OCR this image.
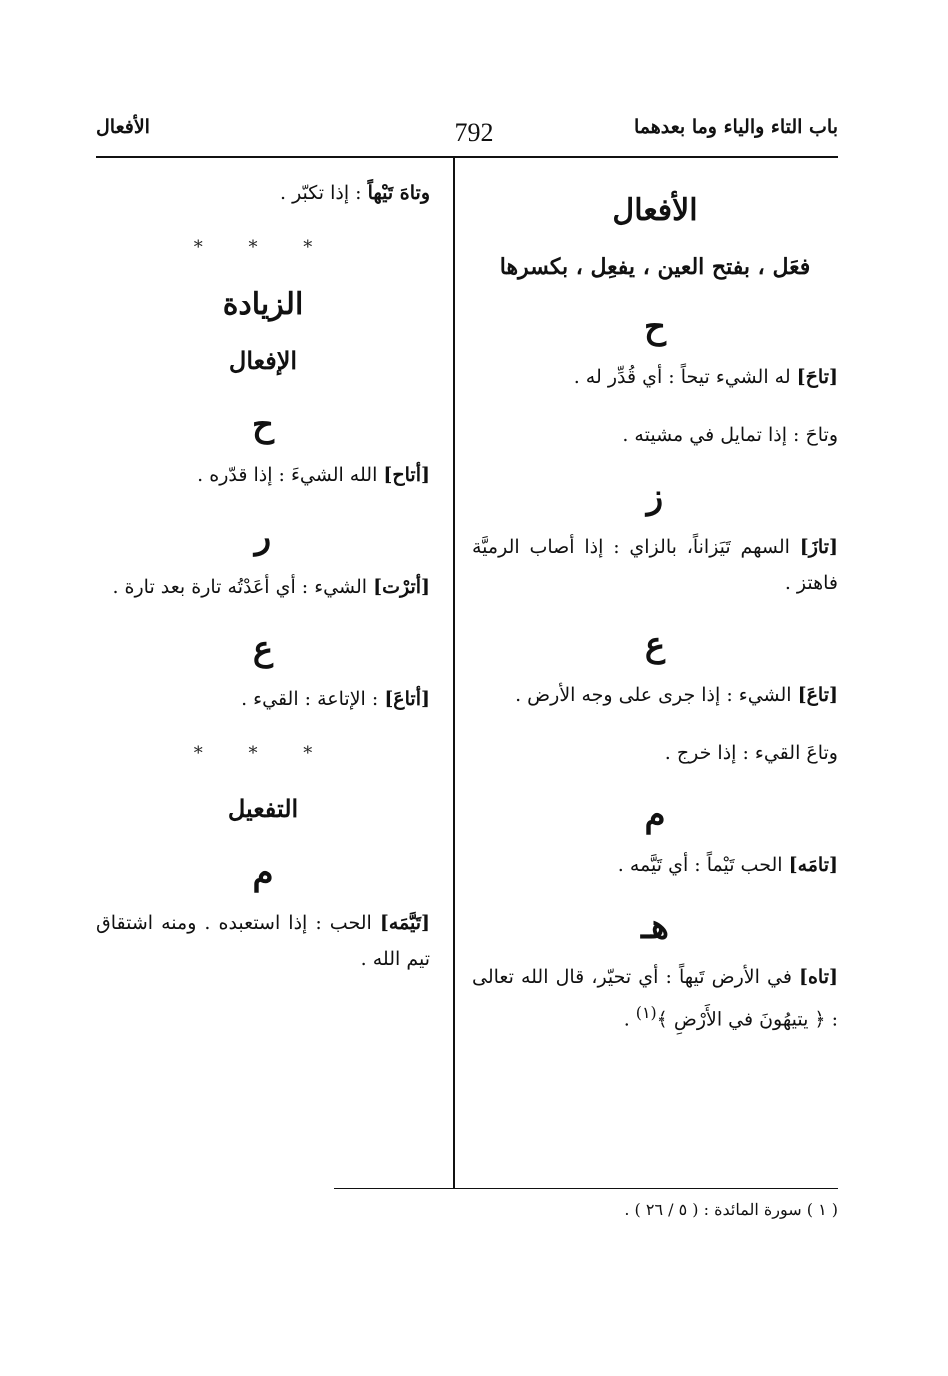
باب التاء والياء وما بعدهما
792
الأفعال
الأفعال
فعَل ، بفتح العين ، يفعِل ، بكسرها
ح

[تاحَ] له الشيء تيحاً : أي قُدِّر له .

وتاحَ : إذا تمايل في مشيته .

ز

[تازَ] السهم تَيَزاناً، بالزاي : إذا أصاب الرميَّة فاهتز .

ع

[تاعَ] الشيء : إذا جرى على وجه الأرض .

وتاعَ القيء : إذا خرج .

م

[تامَه] الحب تَيْماً : أي تَيَّمه .

هـ

[تاه] في الأرض تَيهاً : أي تحيّر، قال الله تعالى : ﴿ يتيهُونَ في الأَرْضِ ﴾$^{(١)}$ .

وتاهَ تَيْهاً : إذا تكبّر .

* * *
الزيادة
الإفعال
ح

[أتاح] الله الشيءَ : إذا قدّره .

ر

[أترْت] الشيء : أي أعَدْتُه تارة بعد تارة .

ع

[أتاعَ] : الإتاعة : القيء .

* * *
التفعيل
م

[تَيَّمَه] الحب : إذا استعبده . ومنه اشتقاق تيم الله .

( ١ ) سورة المائدة : ( ٥ / ٢٦ ) .
